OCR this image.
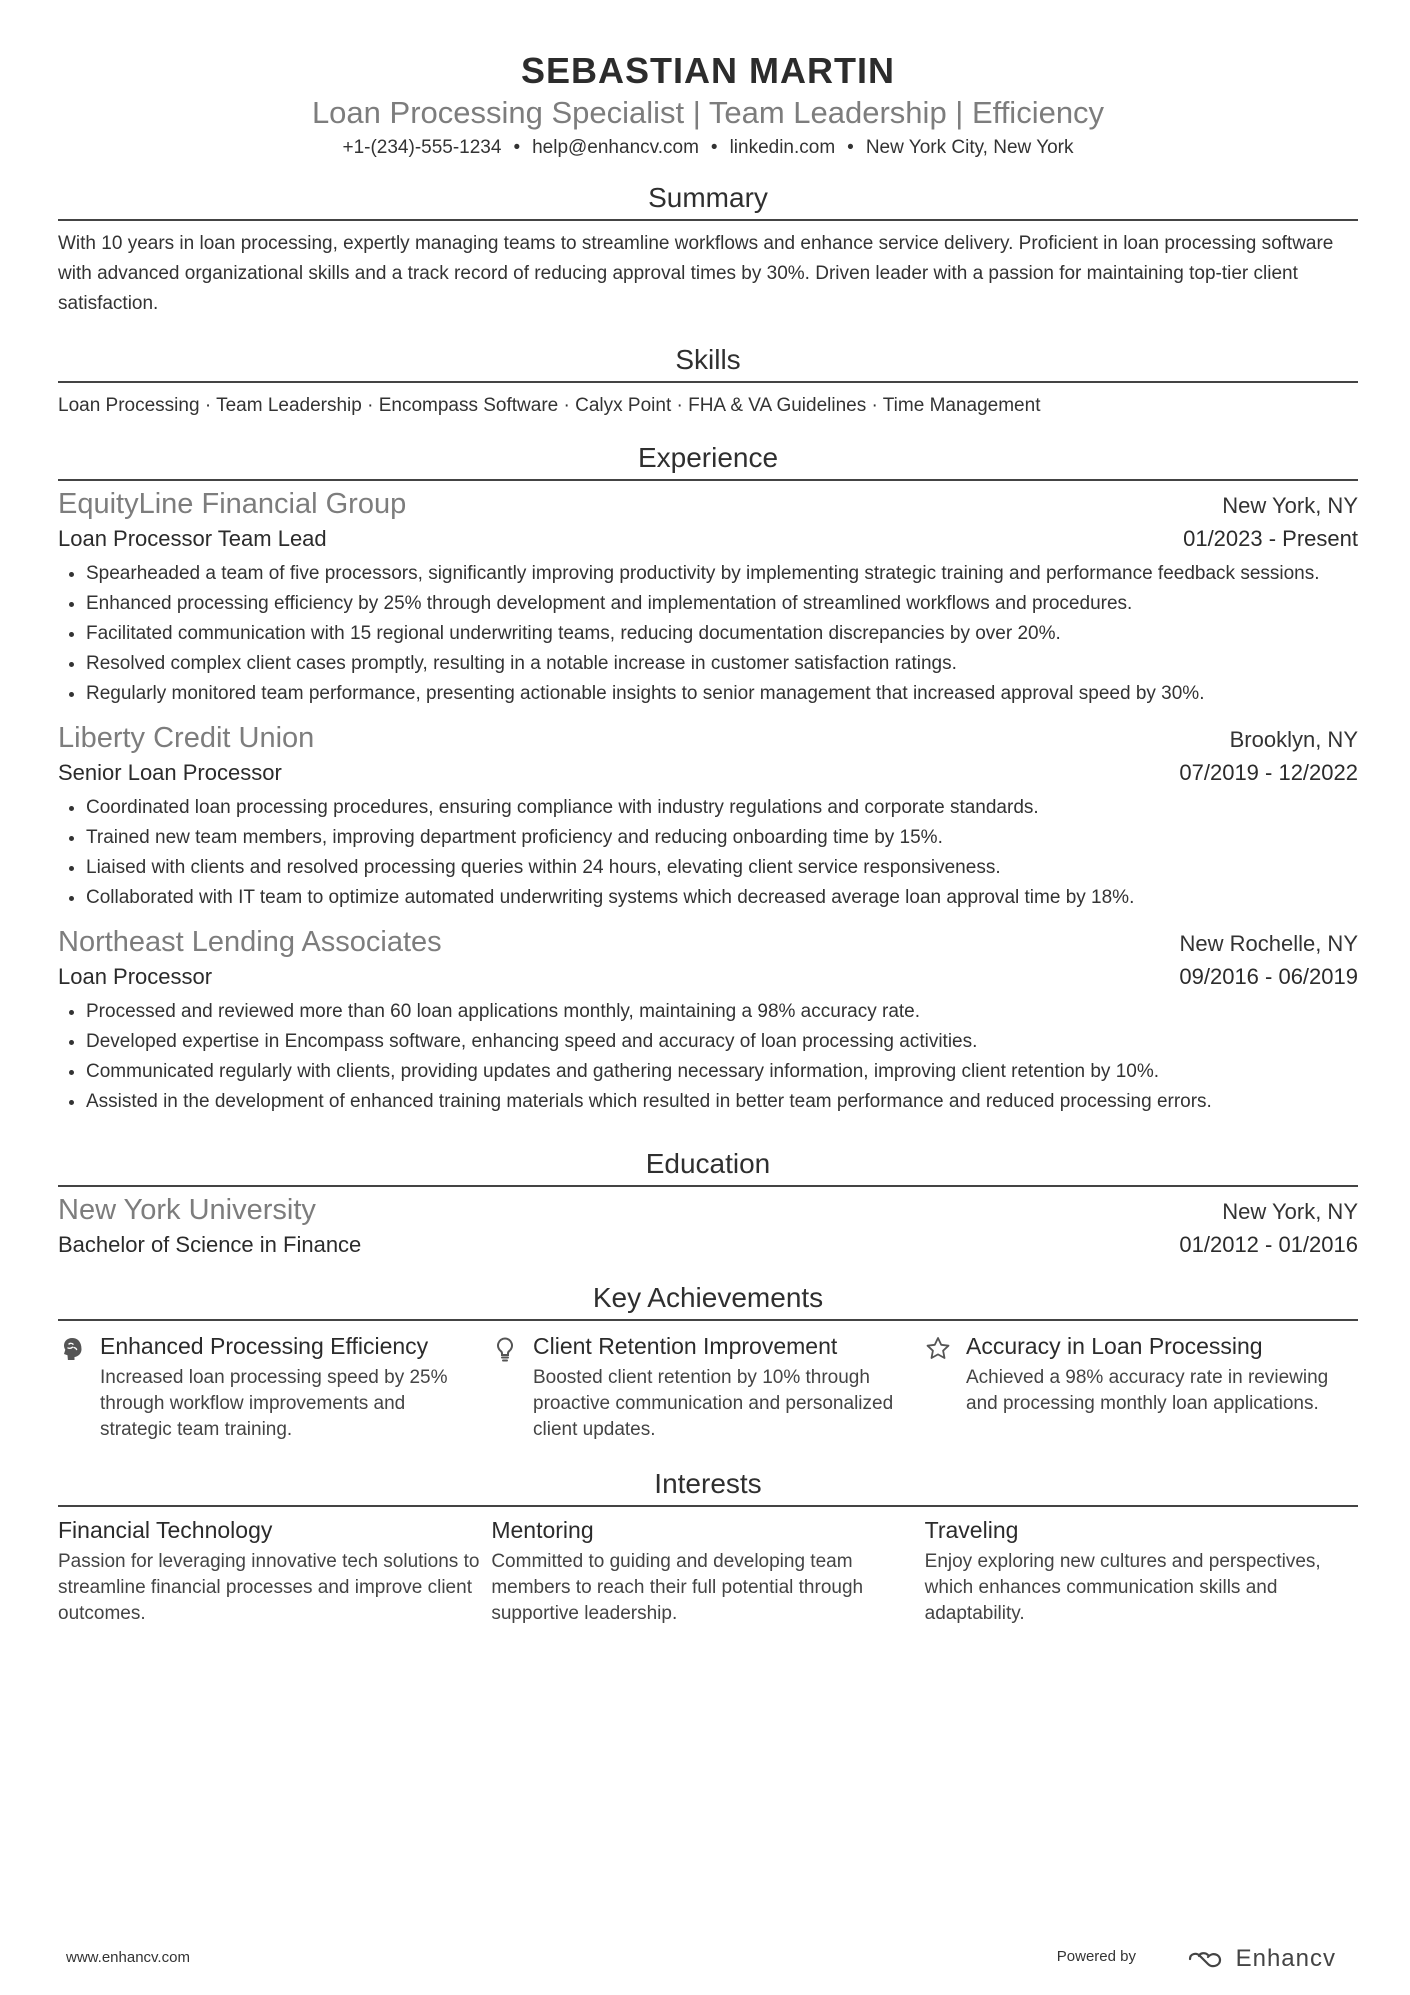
SEBASTIAN MARTIN
Loan Processing Specialist | Team Leadership | Efficiency
+1-(234)-555-1234 • help@enhancv.com • linkedin.com • New York City, New York
Summary
With 10 years in loan processing, expertly managing teams to streamline workflows and enhance service delivery. Proficient in loan processing software with advanced organizational skills and a track record of reducing approval times by 30%. Driven leader with a passion for maintaining top-tier client satisfaction.
Skills
Loan Processing · Team Leadership · Encompass Software · Calyx Point · FHA & VA Guidelines · Time Management
Experience
EquityLine Financial Group	New York, NY
Loan Processor Team Lead	01/2023 - Present
• Spearheaded a team of five processors, significantly improving productivity by implementing strategic training and performance feedback sessions.
• Enhanced processing efficiency by 25% through development and implementation of streamlined workflows and procedures.
• Facilitated communication with 15 regional underwriting teams, reducing documentation discrepancies by over 20%.
• Resolved complex client cases promptly, resulting in a notable increase in customer satisfaction ratings.
• Regularly monitored team performance, presenting actionable insights to senior management that increased approval speed by 30%.
Liberty Credit Union	Brooklyn, NY
Senior Loan Processor	07/2019 - 12/2022
• Coordinated loan processing procedures, ensuring compliance with industry regulations and corporate standards.
• Trained new team members, improving department proficiency and reducing onboarding time by 15%.
• Liaised with clients and resolved processing queries within 24 hours, elevating client service responsiveness.
• Collaborated with IT team to optimize automated underwriting systems which decreased average loan approval time by 18%.
Northeast Lending Associates	New Rochelle, NY
Loan Processor	09/2016 - 06/2019
• Processed and reviewed more than 60 loan applications monthly, maintaining a 98% accuracy rate.
• Developed expertise in Encompass software, enhancing speed and accuracy of loan processing activities.
• Communicated regularly with clients, providing updates and gathering necessary information, improving client retention by 10%.
• Assisted in the development of enhanced training materials which resulted in better team performance and reduced processing errors.
Education
New York University	New York, NY
Bachelor of Science in Finance	01/2012 - 01/2016
Key Achievements
Enhanced Processing Efficiency
Increased loan processing speed by 25% through workflow improvements and strategic team training.
Client Retention Improvement
Boosted client retention by 10% through proactive communication and personalized client updates.
Accuracy in Loan Processing
Achieved a 98% accuracy rate in reviewing and processing monthly loan applications.
Interests
Financial Technology
Passion for leveraging innovative tech solutions to streamline financial processes and improve client outcomes.
Mentoring
Committed to guiding and developing team members to reach their full potential through supportive leadership.
Traveling
Enjoy exploring new cultures and perspectives, which enhances communication skills and adaptability.
www.enhancv.com	Powered by	Enhancv
